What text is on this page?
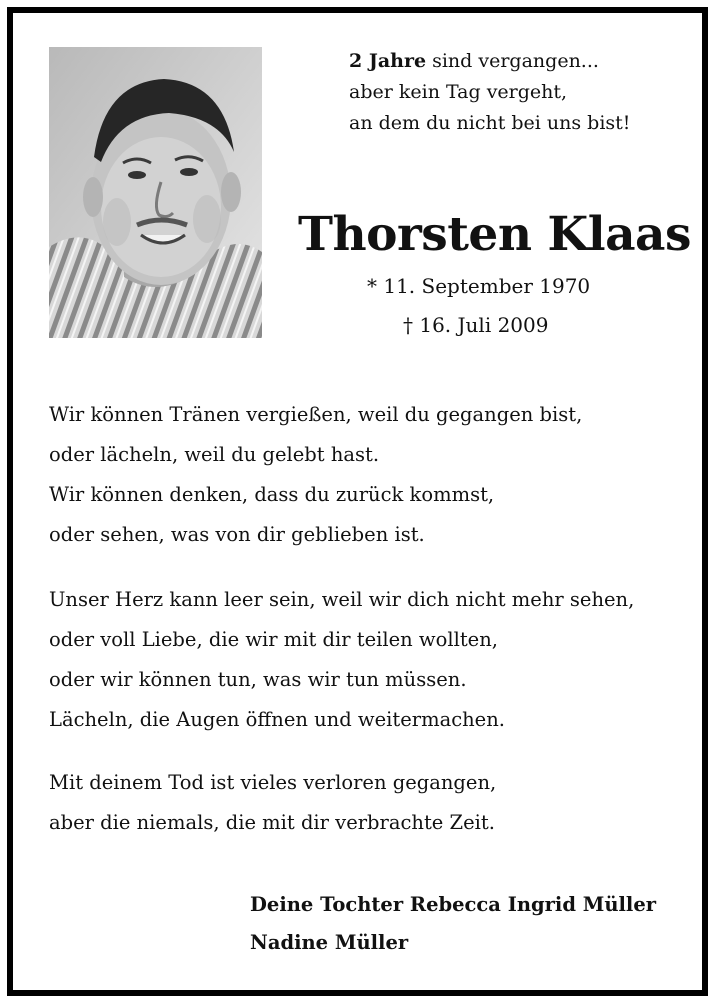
2 Jahre sind vergangen...
aber kein Tag vergeht,
an dem du nicht bei uns bist!
Thorsten Klaas
* 11. September 1970
† 16. Juli 2009
Wir können Tränen vergießen, weil du gegangen bist,
oder lächeln, weil du gelebt hast.
Wir können denken, dass du zurück kommst,
oder sehen, was von dir geblieben ist.
Unser Herz kann leer sein, weil wir dich nicht mehr sehen,
oder voll Liebe, die wir mit dir teilen wollten,
oder wir können tun, was wir tun müssen.
Lächeln, die Augen öffnen und weitermachen.
Mit deinem Tod ist vieles verloren gegangen,
aber die niemals, die mit dir verbrachte Zeit.
Deine Tochter Rebecca Ingrid Müller
Nadine Müller
